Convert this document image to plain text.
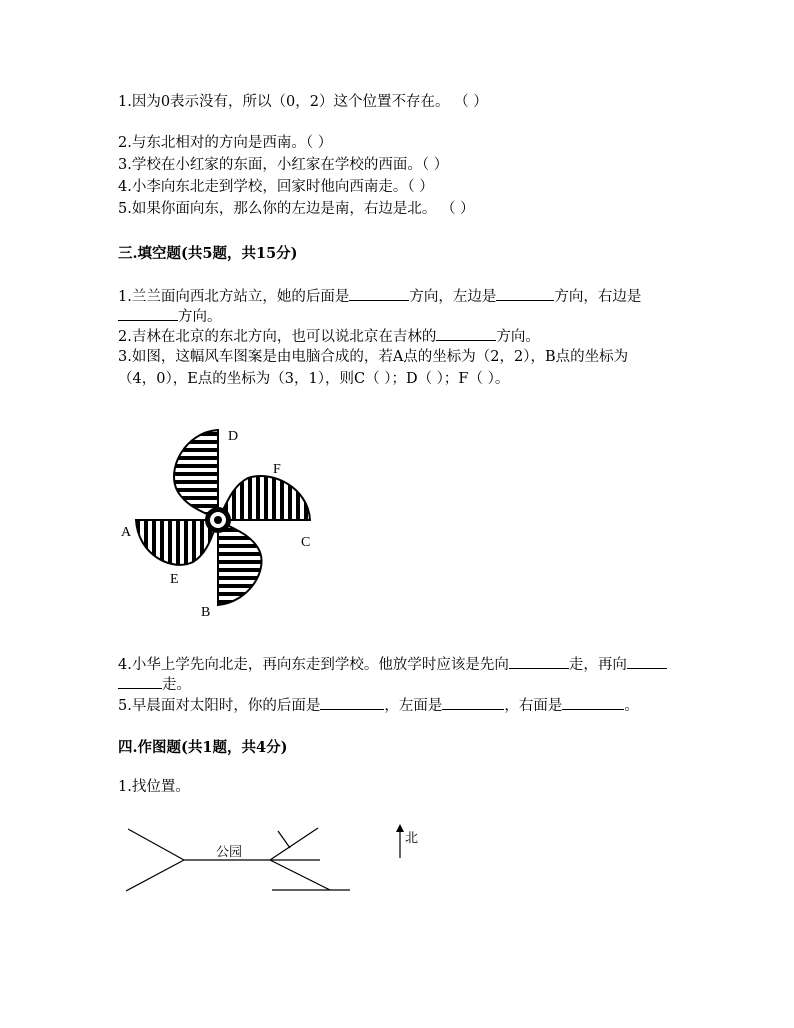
1.因为0表示没有，所以（0，2）这个位置不存在。 （ ）
2.与东北相对的方向是西南。（ ）
3.学校在小红家的东面，小红家在学校的西面。（ ）
4.小李向东北走到学校，回家时他向西南走。（ ）
5.如果你面向东，那么你的左边是南，右边是北。 （ ）
三.填空题(共5题，共15分)
1.兰兰面向西北方站立，她的后面是	方向，左边是	方向，右边是
方向。
2.吉林在北京的东北方向，也可以说北京在吉林的	方向。
3.如图，这幅风车图案是由电脑合成的，若A点的坐标为（2，2），B点的坐标为
（4，0），E点的坐标为（3，1），则C（ ）；D（ ）；F（ ）。
A
B
C
D
E
F
公园
北
4.小华上学先向北走，再向东走到学校。他放学时应该是先向	走，再向
走。
5.早晨面对太阳时，你的后面是	，左面是	，右面是	。
四.作图题(共1题，共4分)
1.找位置。
